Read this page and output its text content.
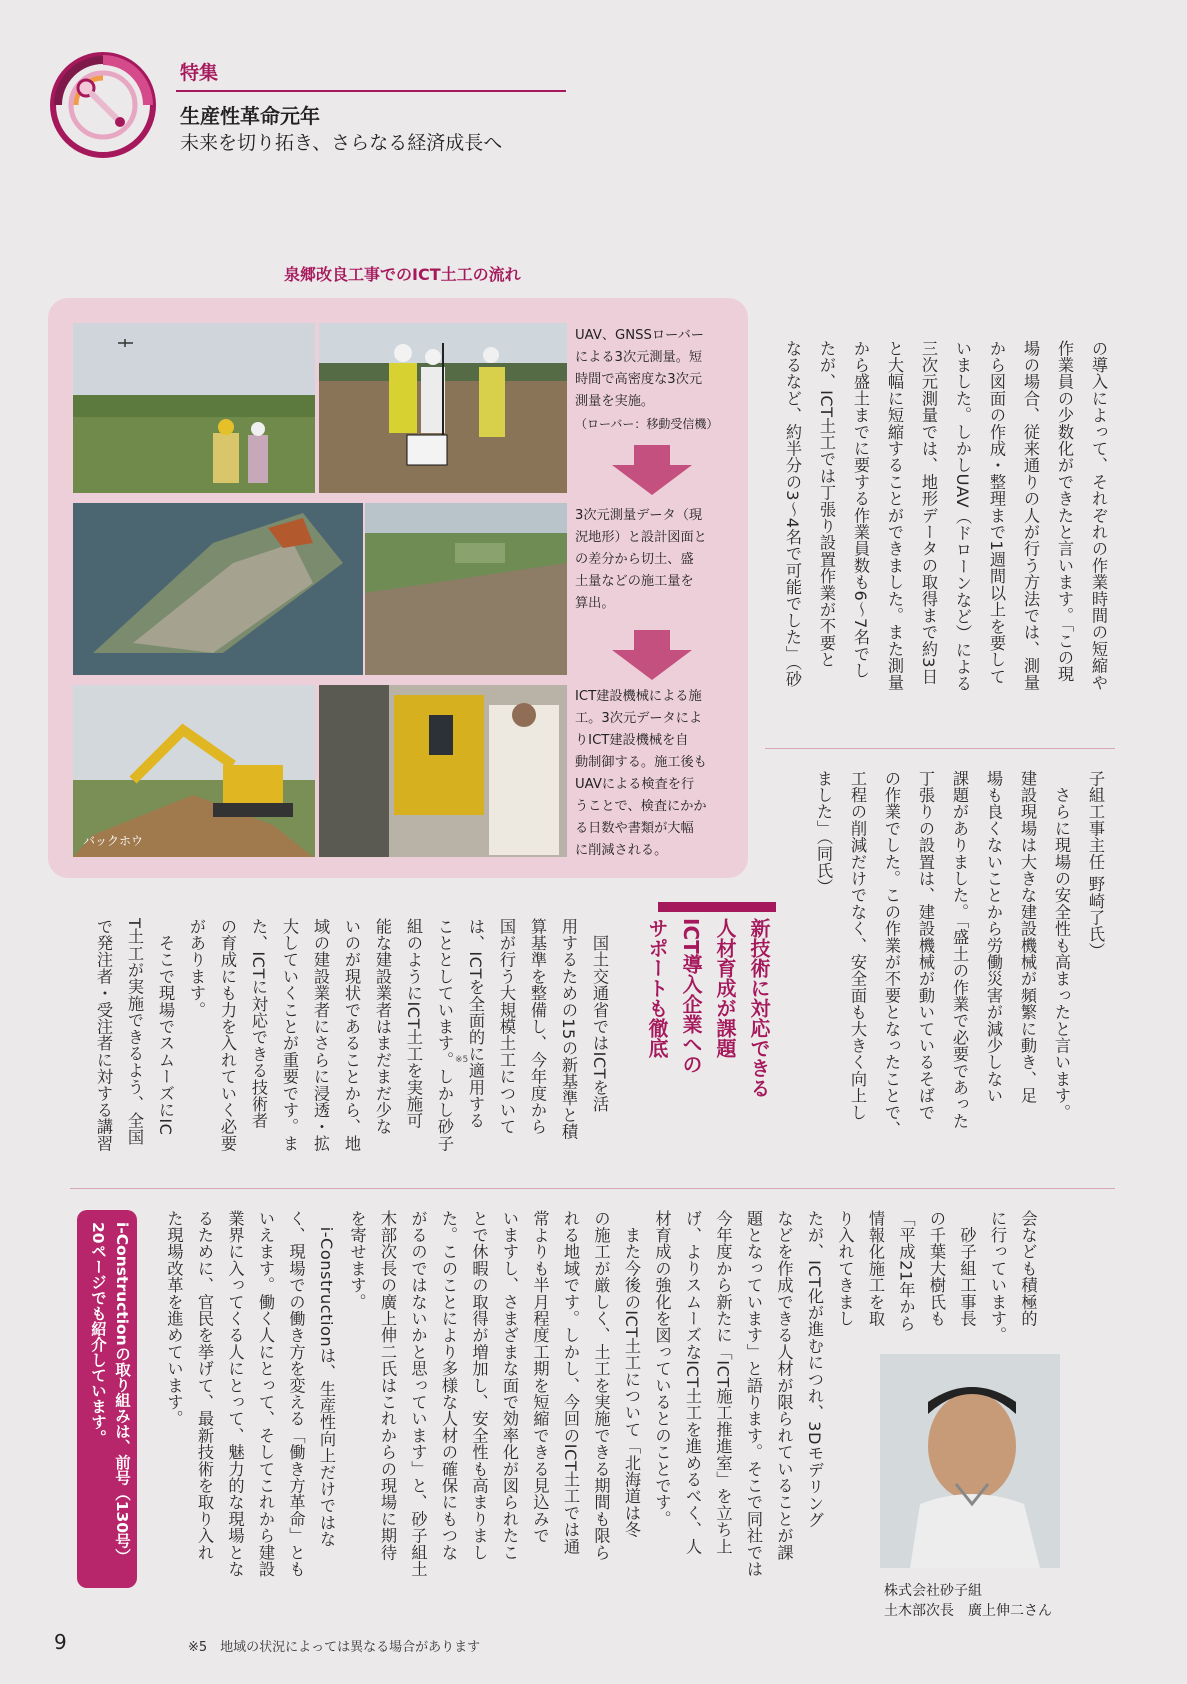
特集
生産性革命元年
未来を切り拓き、さらなる経済成長へ
泉郷改良工事でのICT土工の流れ
UAV、GNSSローバー
による3次元測量。短
時間で高密度な3次元
測量を実施。
（ローバー：移動受信機）
3次元測量データ（現
況地形）と設計図面と
の差分から切土、盛
土量などの施工量を
算出。
バックホウ
ICT建設機械による施
工。3次元データによ
りICT建設機械を自
動制御する。施工後も
UAVによる検査を行
うことで、検査にかか
る日数や書類が大幅
に削減される。
の導入によって、それぞれの作業時間の短縮や
作業員の少数化ができたと言います。「この現
場の場合、従来通りの人が行う方法では、測量
から図面の作成・整理まで1週間以上を要して
いました。しかしUAV（ドローンなど）による
三次元測量では、地形データの取得まで約3日
と大幅に短縮することができました。また測量
から盛土までに要する作業員数も6〜7名でし
たが、ICT土工では丁張り設置作業が不要と
なるなど、約半分の3〜4名で可能でした」（砂
子組工事主任 野崎了氏）
　さらに現場の安全性も高まったと言います。
建設現場は大きな建設機械が頻繁に動き、足
場も良くないことから労働災害が減少しない
課題がありました。「盛土の作業で必要であった
丁張りの設置は、建設機械が動いているそばで
の作業でした。この作業が不要となったことで、
工程の削減だけでなく、安全面も大きく向上し
ました」（同氏）
新技術に対応できる
人材育成が課題
ICT導入企業への
サポートも徹底
　国土交通省ではICTを活
用するための15の新基準と積
算基準を整備し、今年度から
国が行う大規模土工について
は、ICTを全面的に適用する
こととしています。しかし砂子
組のようにICT土工を実施可
能な建設業者はまだまだ少な
いのが現状であることから、地
域の建設業者にさらに浸透・拡
大していくことが重要です。ま
た、ICTに対応できる技術者
の育成にも力を入れていく必要
があります。
　そこで現場でスムーズにIC
T土工が実施できるよう、全国
で発注者・受注者に対する講習	※5
会なども積極的
に行っています。
　砂子組工事長
の千葉大樹氏も
「平成21年から
情報化施工を取
り入れてきまし
たが、ICT化が進むにつれ、3Dモデリング
などを作成できる人材が限られていることが課
題となっています」と語ります。そこで同社では
今年度から新たに「ICT施工推進室」を立ち上
げ、よりスムーズなICT土工を進めるべく、人
材育成の強化を図っているとのことです。
　また今後のICT土工について「北海道は冬
の施工が厳しく、土工を実施できる期間も限ら
れる地域です。しかし、今回のICT土工では通
常よりも半月程度工期を短縮できる見込みで
いますし、さまざまな面で効率化が図られたこ
とで休暇の取得が増加し、安全性も高まりまし
た。このことにより多様な人材の確保にもつな
がるのではないかと思っています」と、砂子組土
木部次長の廣上伸二氏はこれからの現場に期待
を寄せます。
　i-Constructionは、生産性向上だけではな
く、現場での働き方を変える「働き方革命」とも
いえます。働く人にとって、そしてこれから建設
業界に入ってくる人にとって、魅力的な現場とな
るために、官民を挙げて、最新技術を取り入れ
た現場改革を進めています。
株式会社砂子組
土木部次長　廣上伸二さん
i-Constructionの取り組みは、前号（130号）
20ページでも紹介しています。
9	※5　地域の状況によっては異なる場合があります
